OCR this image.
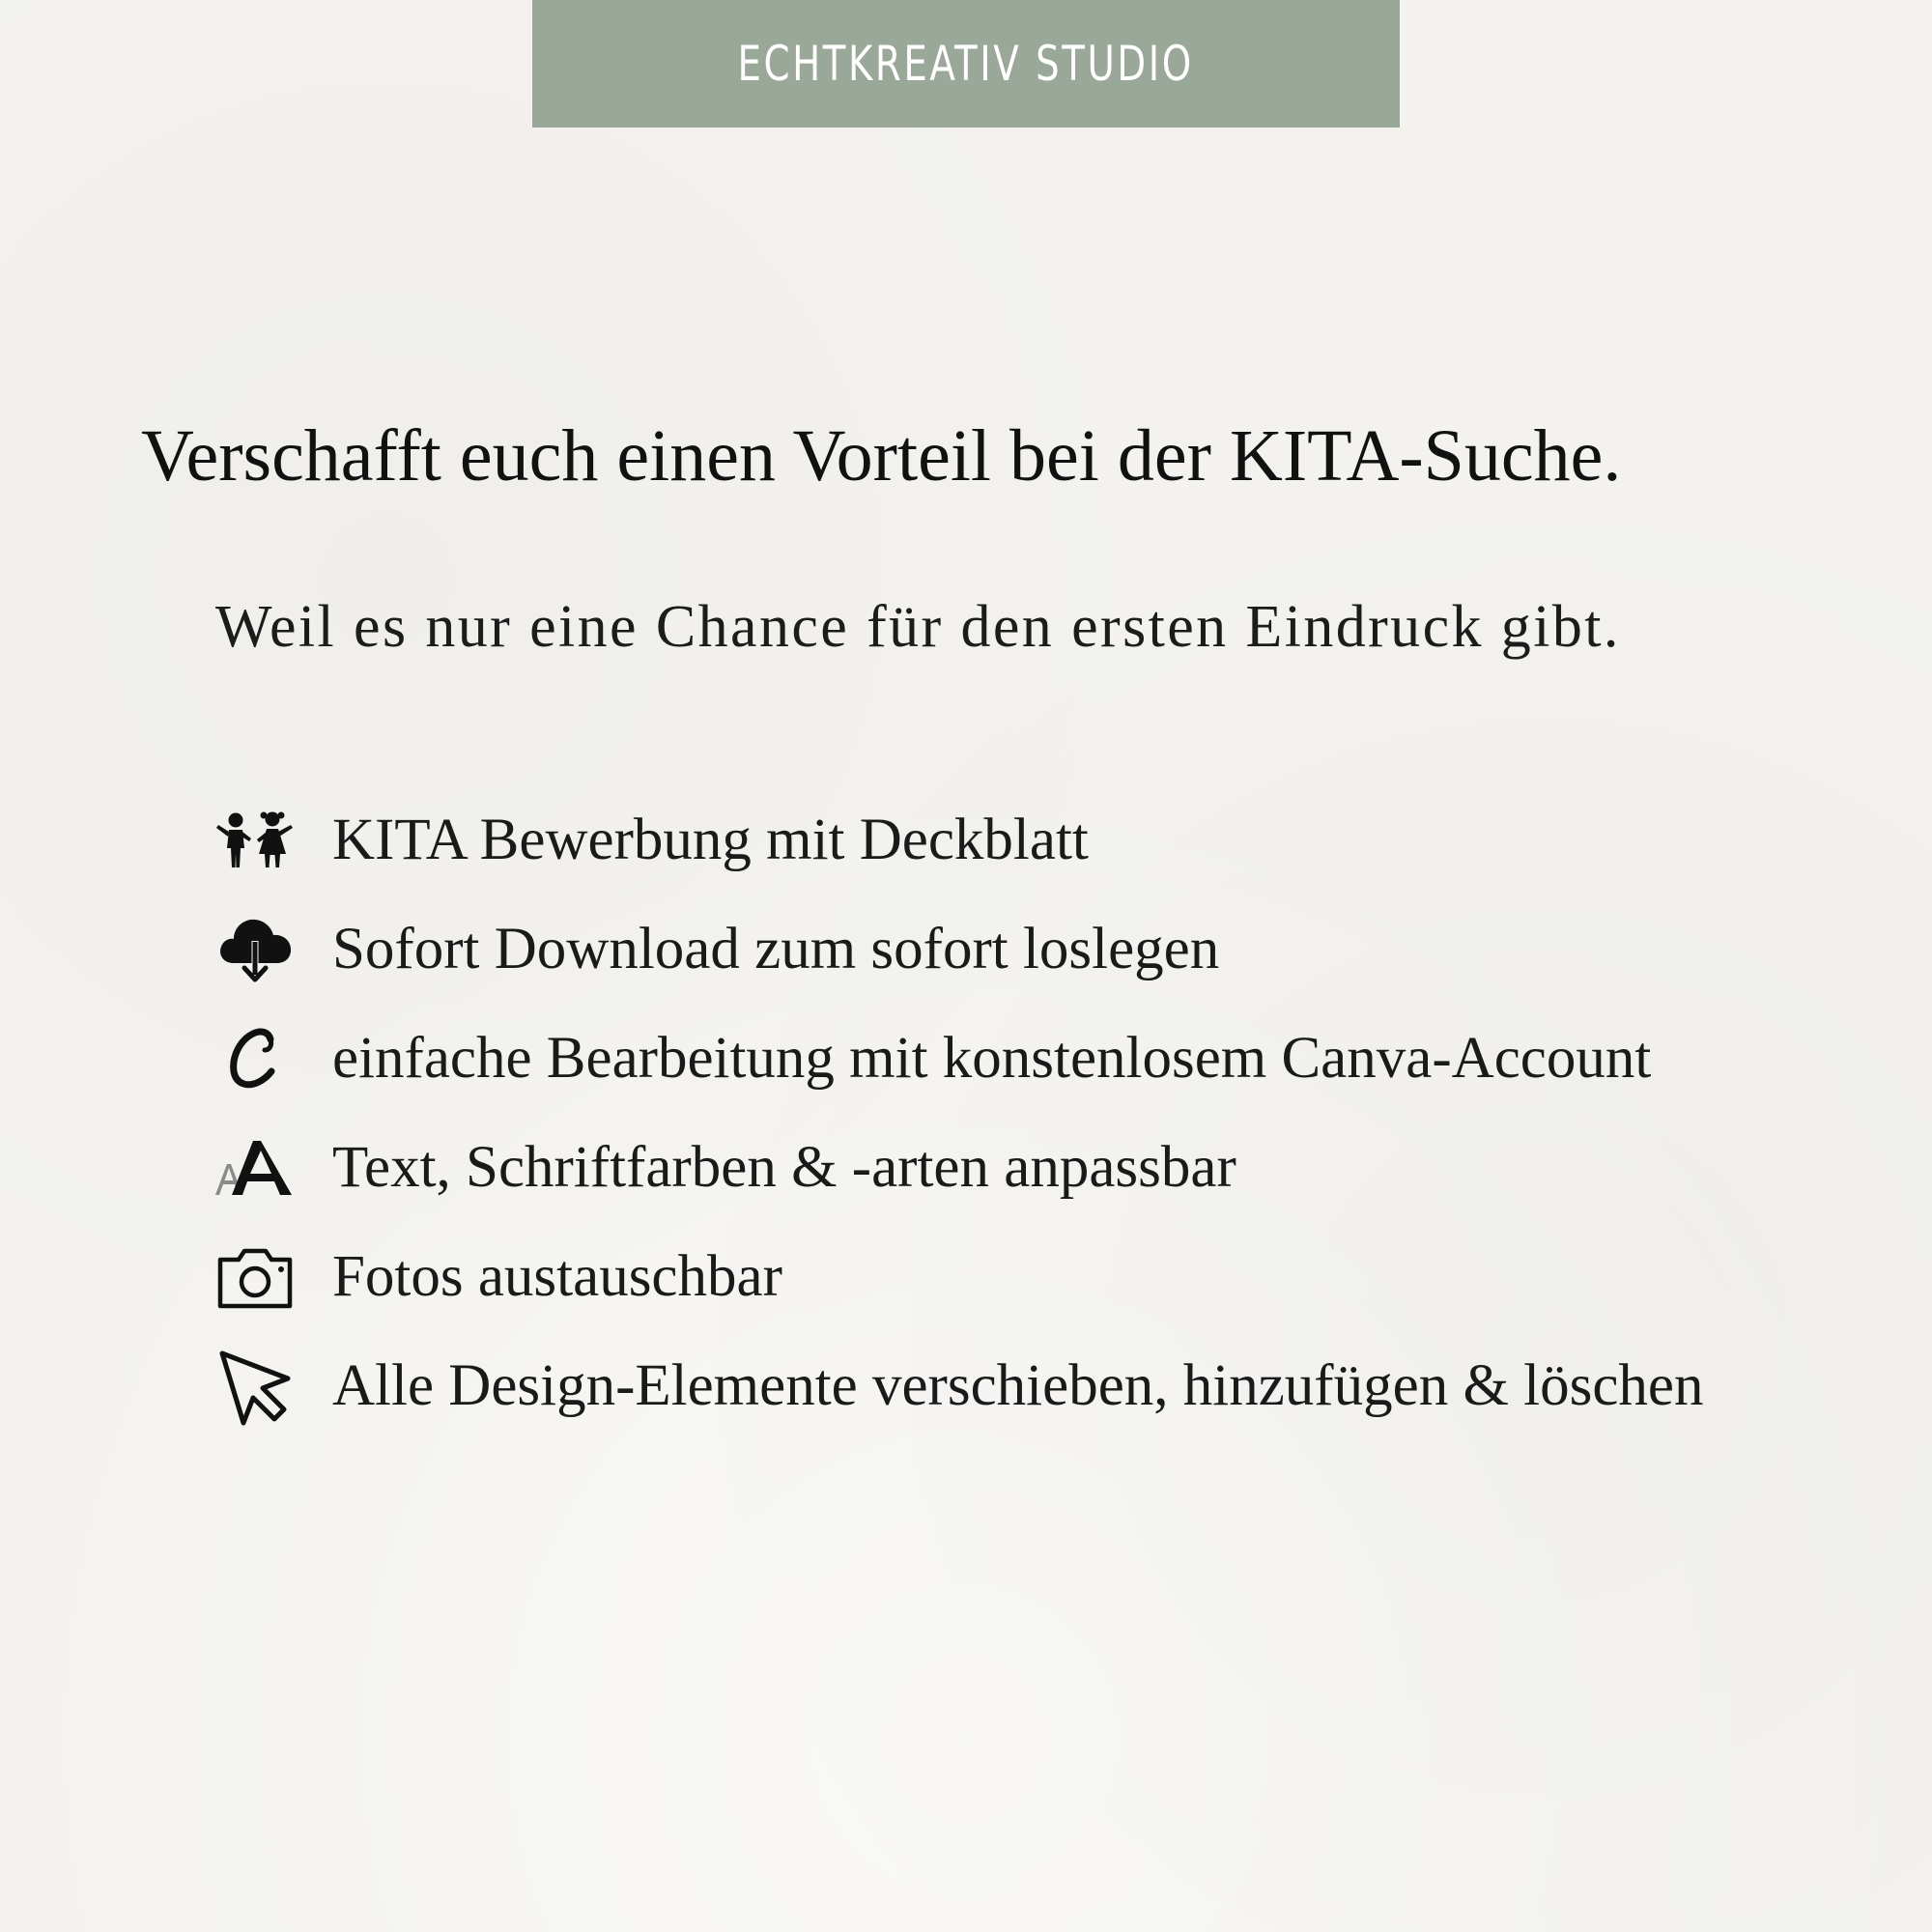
ECHTKREATIV STUDIO
Verschafft euch einen Vorteil bei der KITA-Suche.

Weil es nur eine Chance für den ersten Eindruck gibt.

KITA Bewerbung mit Deckblatt
Sofort Download zum sofort loslegen
einfache Bearbeitung mit konstenlosem Canva-Account
Text, Schriftfarben & -arten anpassbar
Fotos austauschbar
Alle Design-Elemente verschieben, hinzufügen & löschen
